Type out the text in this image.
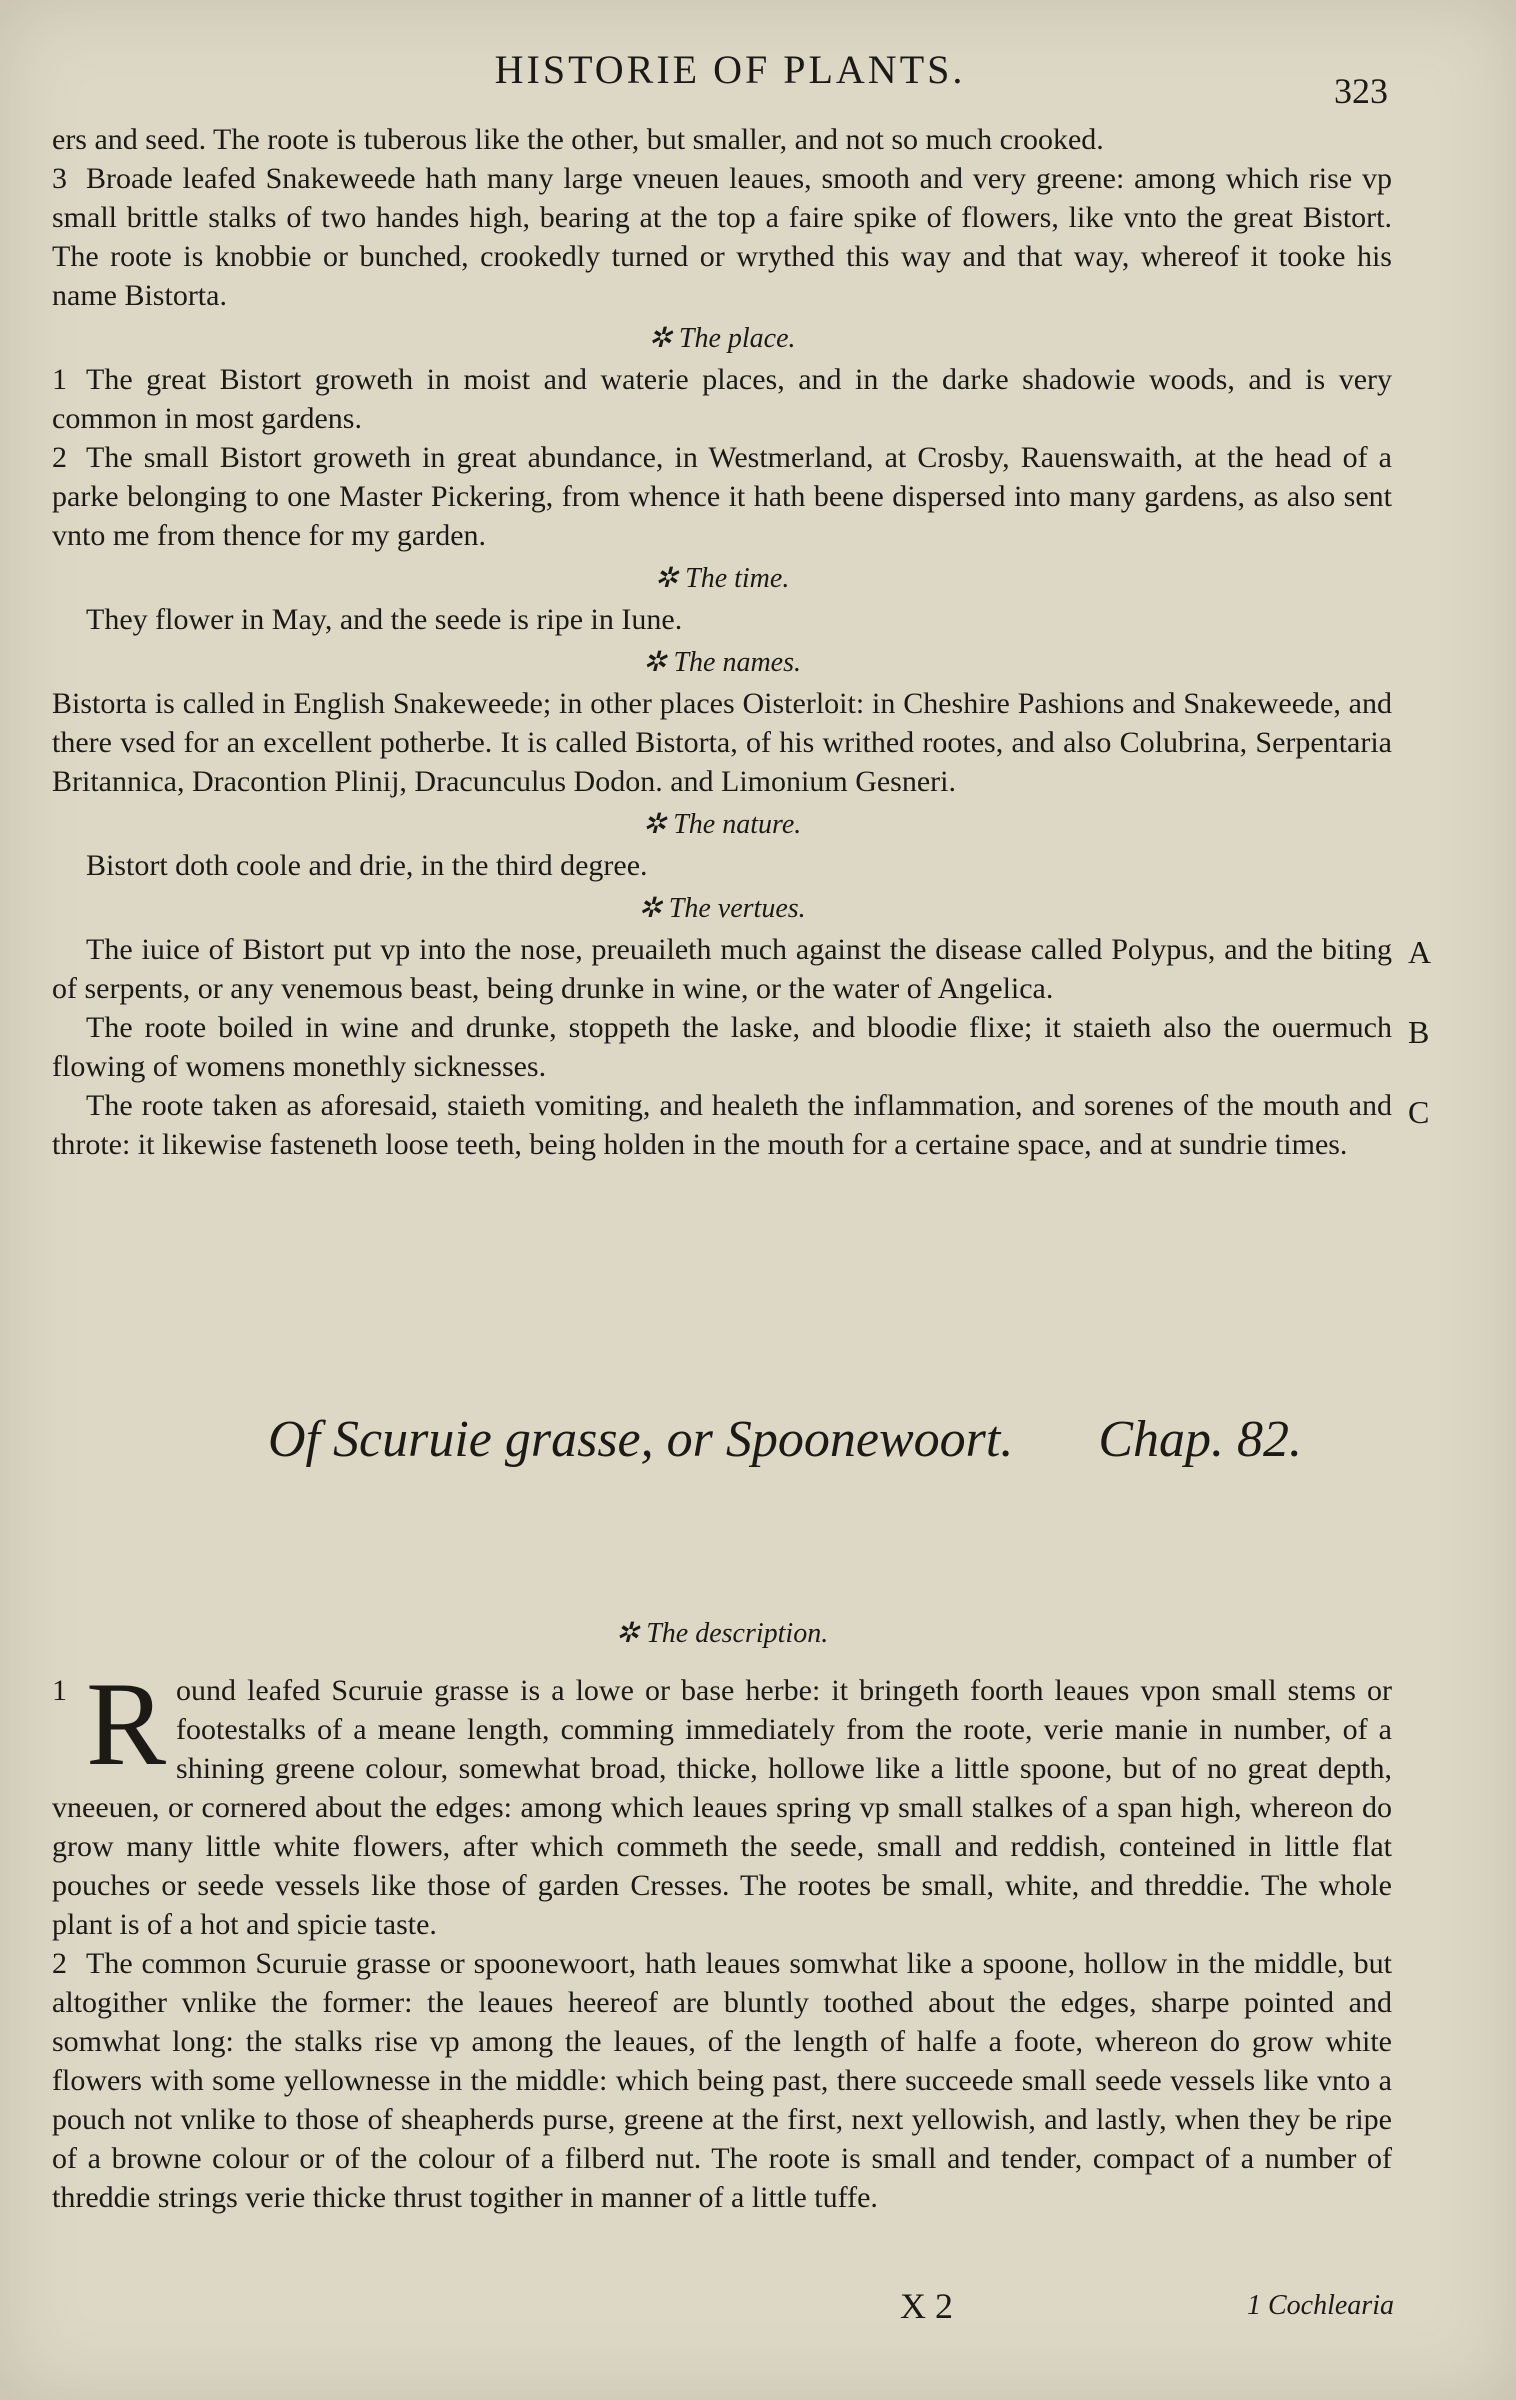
HISTORIE OF PLANTS.	323

ers and seed. The roote is tuberous like the other, but smaller, and not so much crooked.

3 Broade leafed Snakeweede hath many large vneuen leaues, smooth and very greene: among which rise vp small brittle stalks of two handes high, bearing at the top a faire spike of flowers, like vnto the great Bistort. The roote is knobbie or bunched, crookedly turned or wrythed this way and that way, whereof it tooke his name Bistorta.

✲ The place.

1 The great Bistort groweth in moist and waterie places, and in the darke shadowie woods, and is very common in most gardens.

2 The small Bistort groweth in great abundance, in Westmerland, at Crosby, Rauenswaith, at the head of a parke belonging to one Master Pickering, from whence it hath beene dispersed into many gardens, as also sent vnto me from thence for my garden.

✲ The time.

They flower in May, and the seede is ripe in Iune.

✲ The names.

Bistorta is called in English Snakeweede; in other places Oisterloit: in Cheshire Pashions and Snakeweede, and there vsed for an excellent potherbe. It is called Bistorta, of his writhed rootes, and also Colubrina, Serpentaria Britannica, Dracontion Plinij, Dracunculus Dodon. and Limonium Gesneri.

✲ The nature.

Bistort doth coole and drie, in the third degree.

✲ The vertues.

The iuice of Bistort put vp into the nose, preuaileth much against the disease called Polypus, and the biting of serpents, or any venemous beast, being drunke in wine, or the water of Angelica.

The roote boiled in wine and drunke, stoppeth the laske, and bloodie flixe; it staieth also the ouermuch flowing of womens monethly sicknesses.

The roote taken as aforesaid, staieth vomiting, and healeth the inflammation, and sorenes of the mouth and throte: it likewise fasteneth loose teeth, being holden in the mouth for a certaine space, and at sundrie times.

A
B
C
Of Scuruie grasse, or Spoonewoort. Chap. 82.
✲ The description.

1 R ound leafed Scuruie grasse is a lowe or base herbe: it bringeth foorth leaues vpon small stems or footestalks of a meane length, comming immediately from the roote, verie manie in number, of a shining greene colour, somewhat broad, thicke, hollowe like a little spoone, but of no great depth, vneeuen, or cornered about the edges: among which leaues spring vp small stalkes of a span high, whereon do grow many little white flowers, after which commeth the seede, small and reddish, conteined in little flat pouches or seede vessels like those of garden Cresses. The rootes be small, white, and threddie. The whole plant is of a hot and spicie taste.

2 The common Scuruie grasse or spoonewoort, hath leaues somwhat like a spoone, hollow in the middle, but altogither vnlike the former: the leaues heereof are bluntly toothed about the edges, sharpe pointed and somwhat long: the stalks rise vp among the leaues, of the length of halfe a foote, whereon do grow white flowers with some yellownesse in the middle: which being past, there succeede small seede vessels like vnto a pouch not vnlike to those of sheapherds purse, greene at the first, next yellowish, and lastly, when they be ripe of a browne colour or of the colour of a filberd nut. The roote is small and tender, compact of a number of threddie strings verie thicke thrust togither in manner of a little tuffe.

X 2	1 Cochlearia
